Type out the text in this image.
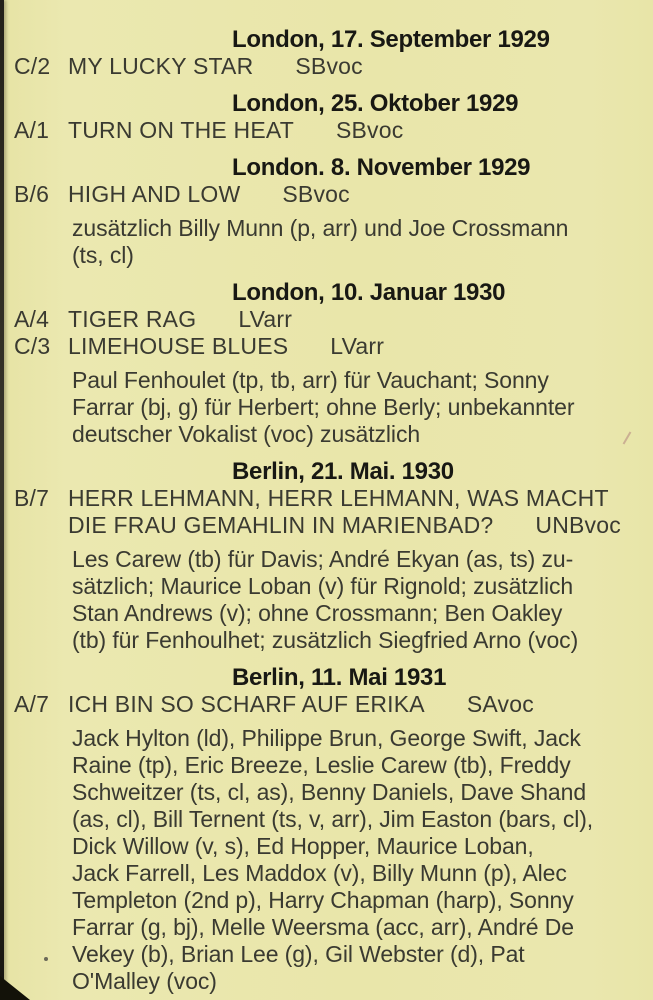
London, 17. September 1929
C/2 MY LUCKY STAR SBvoc
London, 25. Oktober 1929
A/1 TURN ON THE HEAT SBvoc
London. 8. November 1929
B/6 HIGH AND LOW SBvoc
zusätzlich Billy Munn (p, arr) und Joe Crossmann
(ts, cl)
London, 10. Januar 1930
A/4 TIGER RAG LVarr
C/3 LIMEHOUSE BLUES LVarr
Paul Fenhoulet (tp, tb, arr) für Vauchant; Sonny
Farrar (bj, g) für Herbert; ohne Berly; unbekannter
deutscher Vokalist (voc) zusätzlich
Berlin, 21. Mai. 1930
B/7 HERR LEHMANN, HERR LEHMANN, WAS MACHT
DIE FRAU GEMAHLIN IN MARIENBAD? UNBvoc
Les Carew (tb) für Davis; André Ekyan (as, ts) zu-
sätzlich; Maurice Loban (v) für Rignold; zusätzlich
Stan Andrews (v); ohne Crossmann; Ben Oakley
(tb) für Fenhoulhet; zusätzlich Siegfried Arno (voc)
Berlin, 11. Mai 1931
A/7 ICH BIN SO SCHARF AUF ERIKA SAvoc
Jack Hylton (ld), Philippe Brun, George Swift, Jack
Raine (tp), Eric Breeze, Leslie Carew (tb), Freddy
Schweitzer (ts, cl, as), Benny Daniels, Dave Shand
(as, cl), Bill Ternent (ts, v, arr), Jim Easton (bars, cl),
Dick Willow (v, s), Ed Hopper, Maurice Loban,
Jack Farrell, Les Maddox (v), Billy Munn (p), Alec
Templeton (2nd p), Harry Chapman (harp), Sonny
Farrar (g, bj), Melle Weersma (acc, arr), André De
Vekey (b), Brian Lee (g), Gil Webster (d), Pat
O'Malley (voc)
